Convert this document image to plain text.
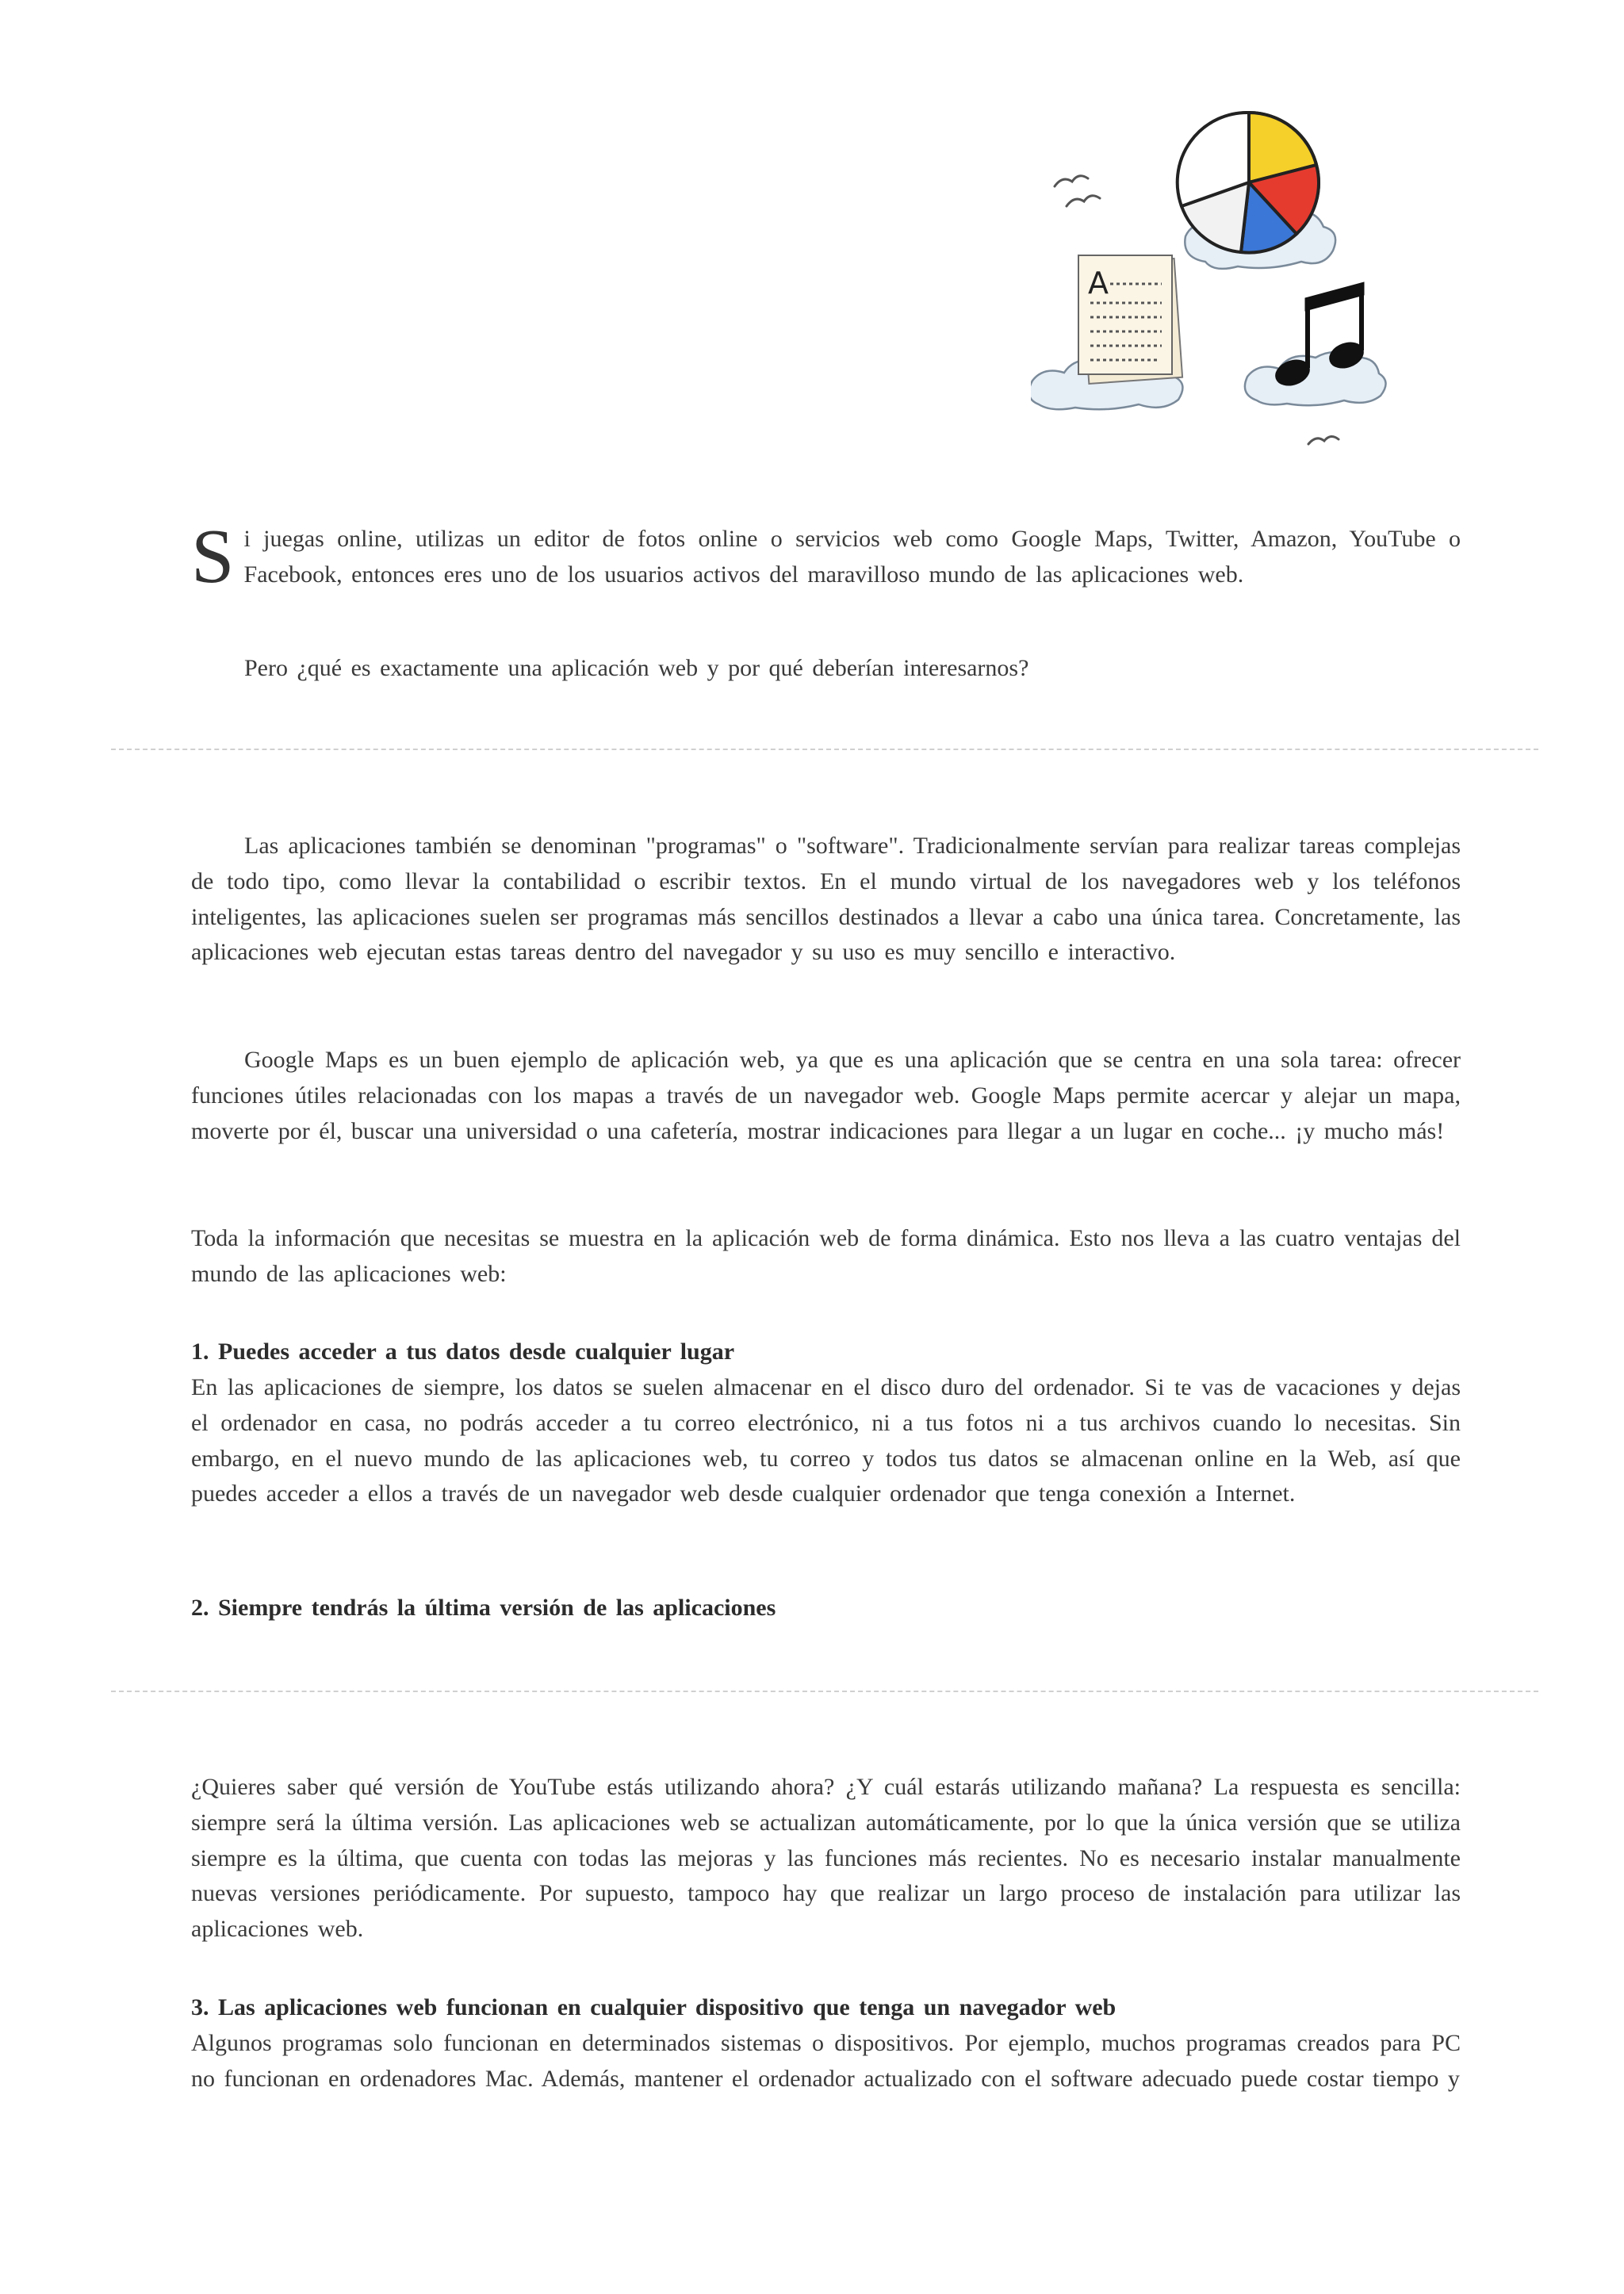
A
S i juegas online, utilizas un editor de fotos online o servicios web como Google Maps, Twitter, Amazon, YouTube o Facebook, entonces eres uno de los usuarios activos del maravilloso mundo de las aplicaciones web.

Pero ¿qué es exactamente una aplicación web y por qué deberían interesarnos?

Las aplicaciones también se denominan "programas" o "software". Tradicionalmente servían para realizar tareas complejas de todo tipo, como llevar la contabilidad o escribir textos. En el mundo virtual de los navegadores web y los teléfonos inteligentes, las aplicaciones suelen ser programas más sencillos destinados a llevar a cabo una única tarea. Concretamente, las aplicaciones web ejecutan estas tareas dentro del navegador y su uso es muy sencillo e interactivo.

Google Maps es un buen ejemplo de aplicación web, ya que es una aplicación que se centra en una sola tarea: ofrecer funciones útiles relacionadas con los mapas a través de un navegador web. Google Maps permite acercar y alejar un mapa, moverte por él, buscar una universidad o una cafetería, mostrar indicaciones para llegar a un lugar en coche... ¡y mucho más!

Toda la información que necesitas se muestra en la aplicación web de forma dinámica. Esto nos lleva a las cuatro ventajas del mundo de las aplicaciones web:

1. Puedes acceder a tus datos desde cualquier lugar

En las aplicaciones de siempre, los datos se suelen almacenar en el disco duro del ordenador. Si te vas de vacaciones y dejas el ordenador en casa, no podrás acceder a tu correo electrónico, ni a tus fotos ni a tus archivos cuando lo necesitas. Sin embargo, en el nuevo mundo de las aplicaciones web, tu correo y todos tus datos se almacenan online en la Web, así que puedes acceder a ellos a través de un navegador web desde cualquier ordenador que tenga conexión a Internet.

2. Siempre tendrás la última versión de las aplicaciones

¿Quieres saber qué versión de YouTube estás utilizando ahora? ¿Y cuál estarás utilizando mañana? La respuesta es sencilla: siempre será la última versión. Las aplicaciones web se actualizan automáticamente, por lo que la única versión que se utiliza siempre es la última, que cuenta con todas las mejoras y las funciones más recientes. No es necesario instalar manualmente nuevas versiones periódicamente. Por supuesto, tampoco hay que realizar un largo proceso de instalación para utilizar las aplicaciones web.

3. Las aplicaciones web funcionan en cualquier dispositivo que tenga un navegador web

Algunos programas solo funcionan en determinados sistemas o dispositivos. Por ejemplo, muchos programas creados para PC no funcionan en ordenadores Mac. Además, mantener el ordenador actualizado con el software adecuado puede costar tiempo y
